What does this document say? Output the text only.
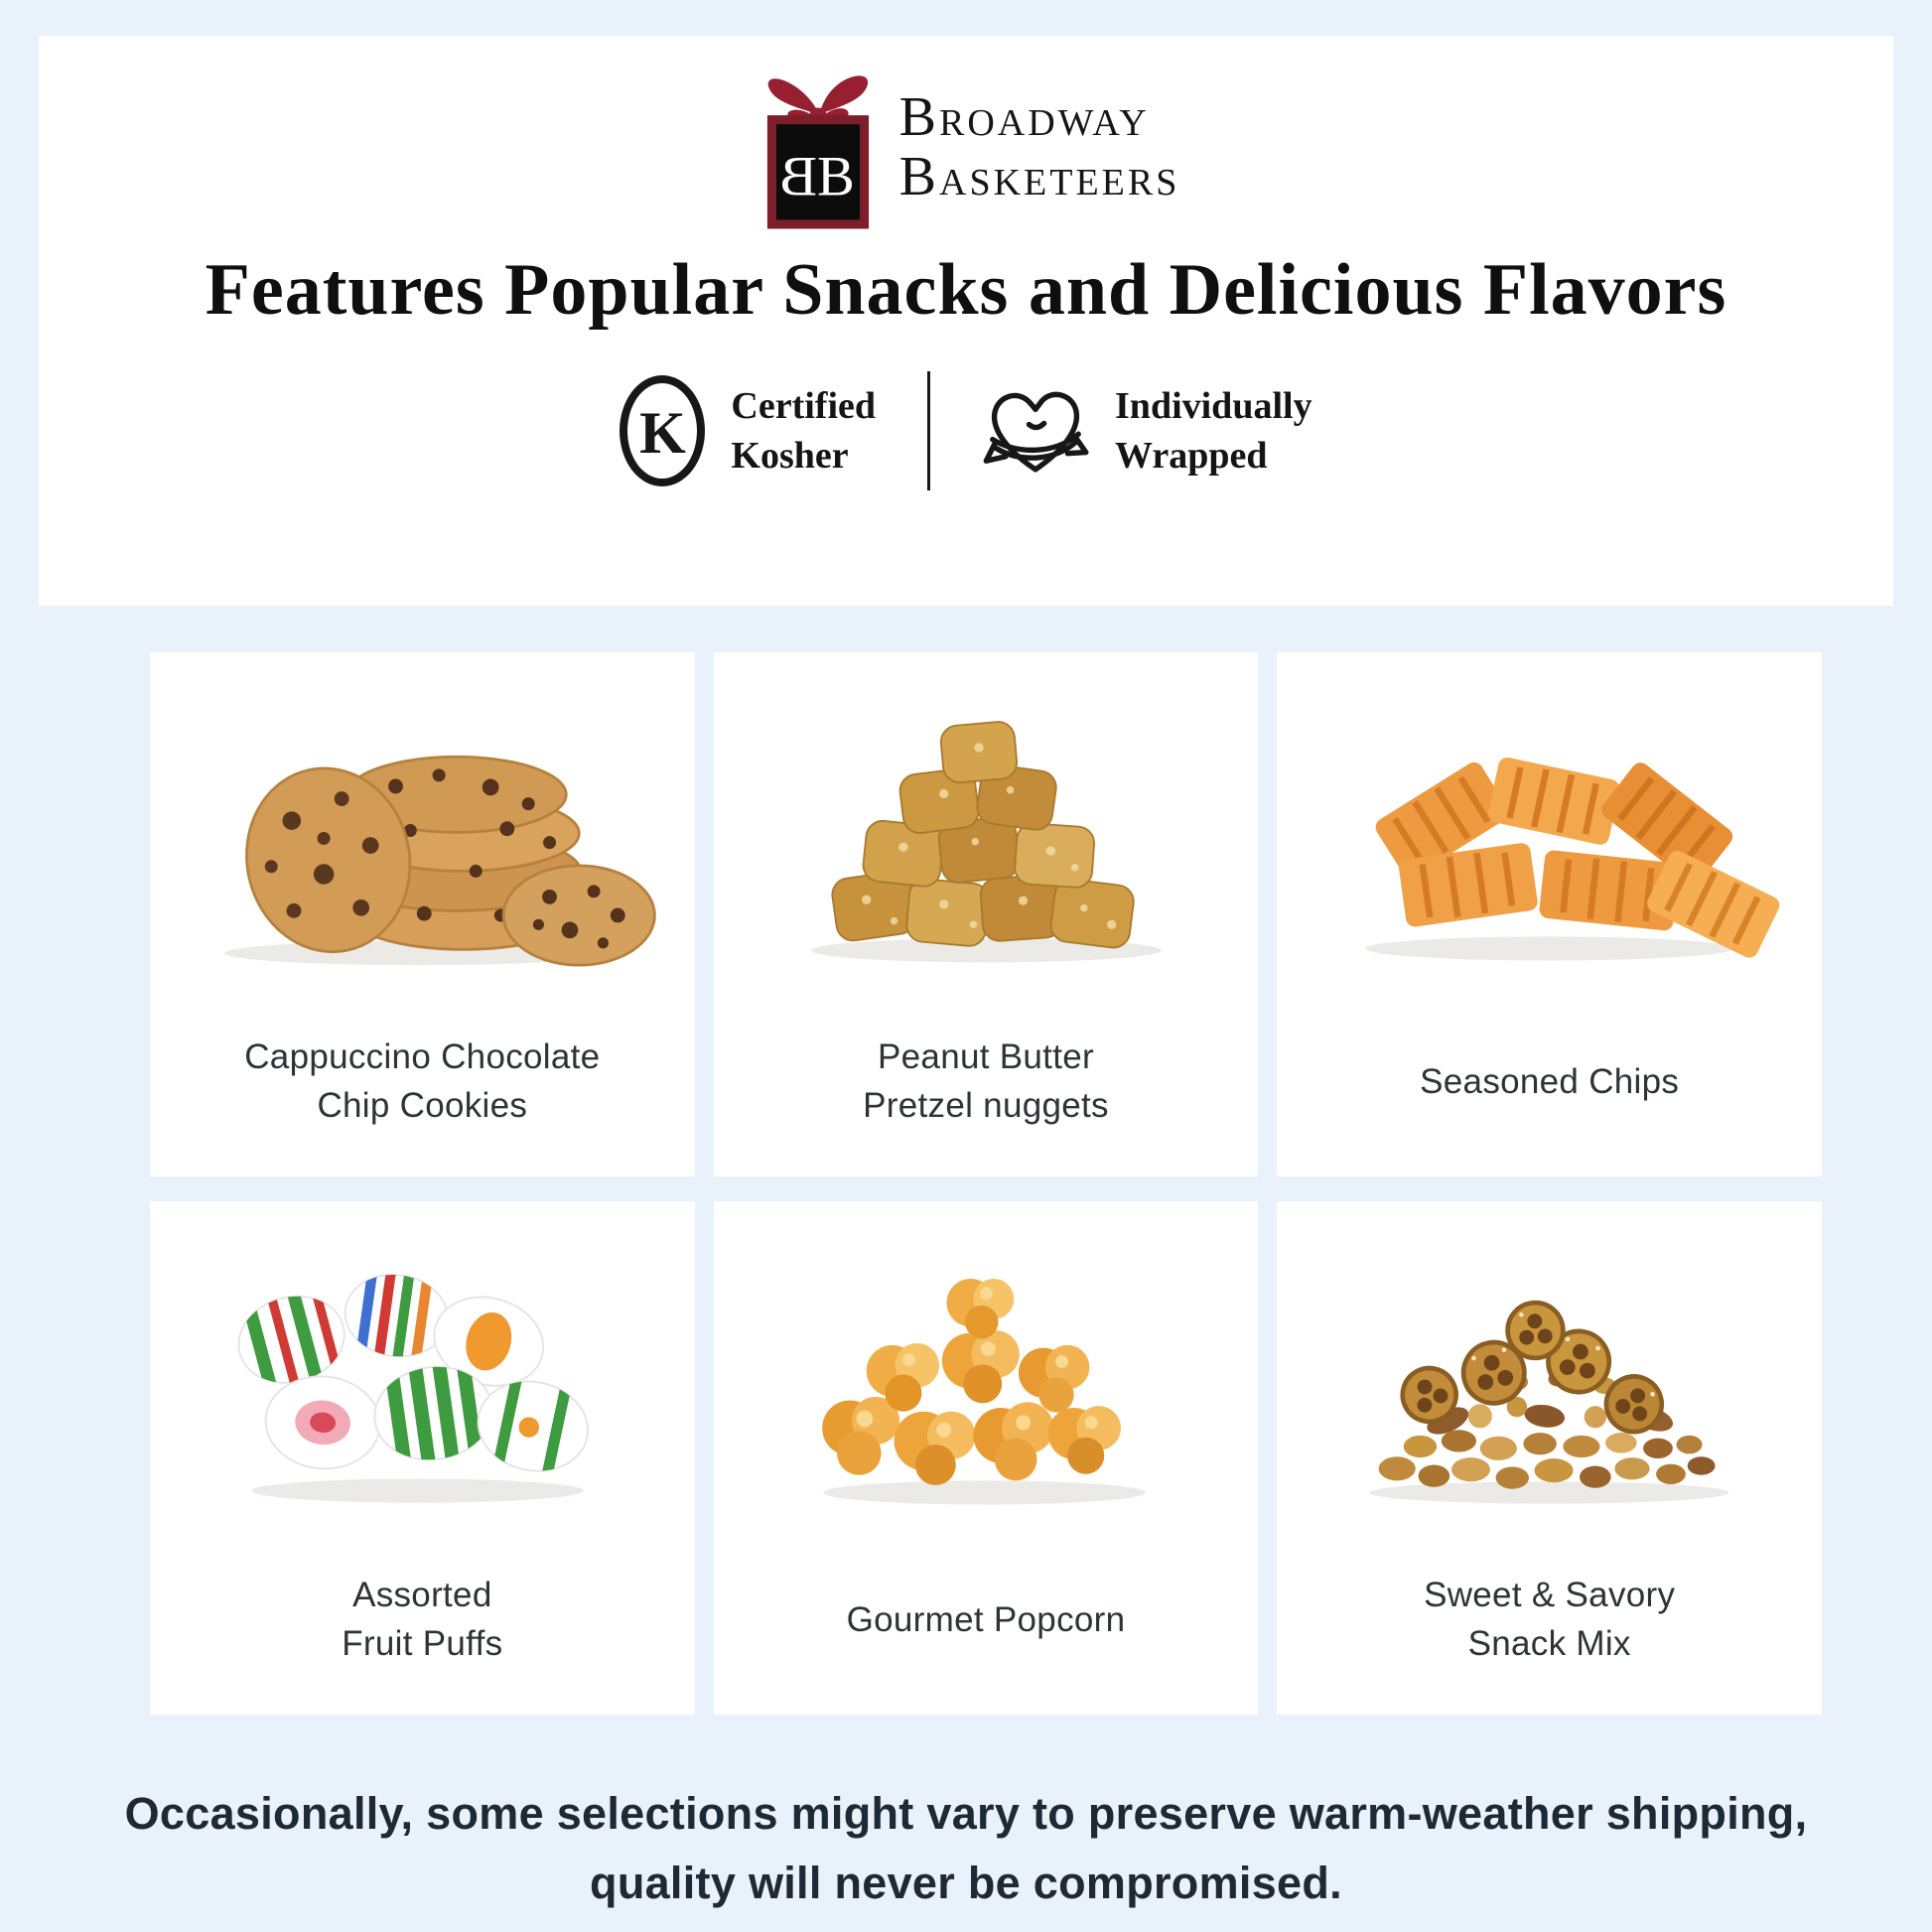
B B
BROADWAY
BASKETEERS
Features Popular Snacks and Delicious Flavors
K Certified
Kosher
Individually
Wrapped
Cappuccino Chocolate
Chip Cookies
Peanut Butter
Pretzel nuggets
Seasoned Chips
Assorted
Fruit Puffs
Gourmet Popcorn
Sweet & Savory
Snack Mix
Occasionally, some selections might vary to preserve warm-weather shipping,
quality will never be compromised.
